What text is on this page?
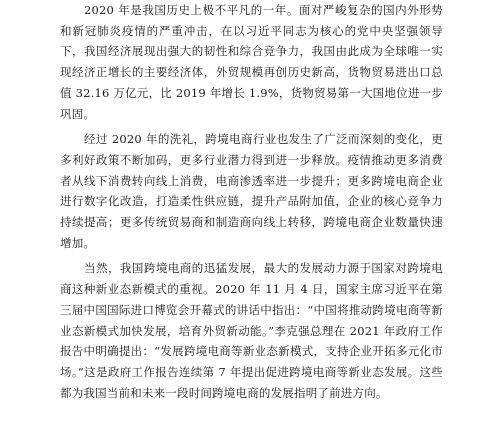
2020 年是我国历史上极不平凡的一年。面对严峻复杂的国内外形势和新冠肺炎疫情的严重冲击，在以习近平同志为核心的党中央坚强领导下，我国经济展现出强大的韧性和综合竞争力，我国由此成为全球唯一实现经济正增长的主要经济体，外贸规模再创历史新高，货物贸易进出口总值 32.16 万亿元，比 2019 年增长 1.9%，货物贸易第一大国地位进一步巩固。

经过 2020 年的洗礼，跨境电商行业也发生了广泛而深刻的变化，更多利好政策不断加码，更多行业潜力得到进一步释放。疫情推动更多消费者从线下消费转向线上消费，电商渗透率进一步提升；更多跨境电商企业进行数字化改造，打造柔性供应链，提升产品附加值，企业的核心竞争力持续提高；更多传统贸易商和制造商向线上转移，跨境电商企业数量快速增加。

当然，我国跨境电商的迅猛发展，最大的发展动力源于国家对跨境电商这种新业态新模式的重视。2020 年 11 月 4 日，国家主席习近平在第三届中国国际进口博览会开幕式的讲话中指出：“中国将推动跨境电商等新业态新模式加快发展，培育外贸新动能。”李克强总理在 2021 年政府工作报告中明确提出：“发展跨境电商等新业态新模式，支持企业开拓多元化市场。”这是政府工作报告连续第 7 年提出促进跨境电商等新业态发展。这些都为我国当前和未来一段时间跨境电商的发展指明了前进方向。
